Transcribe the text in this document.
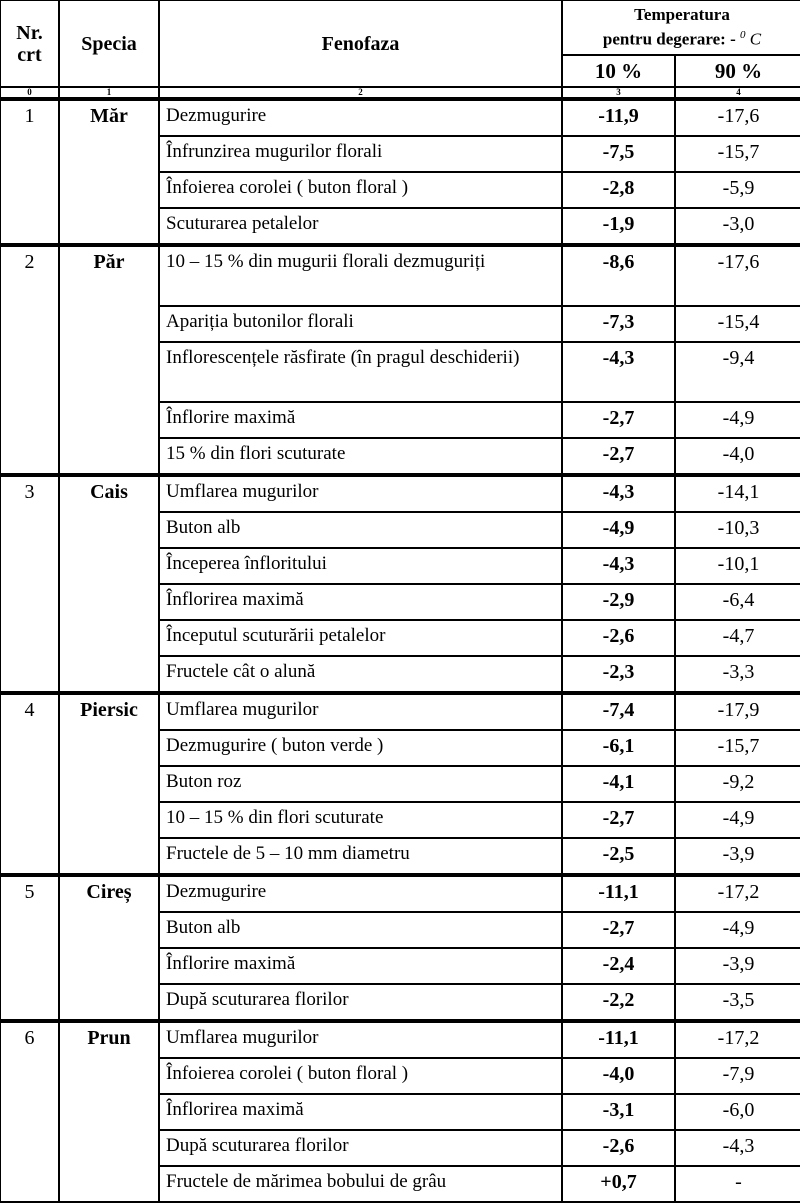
Nr. crt	Specia	Fenofaza	Temperatura
pentru degerare: - $^0$ C	
			10 %	90 %
0	1	2	3	4
1	Măr	Dezmugurire	-11,9	-17,6
		Înfrunzirea mugurilor florali	-7,5	-15,7
		Înfoierea corolei ( buton floral )	-2,8	-5,9
		Scuturarea petalelor	-1,9	-3,0
2	Păr	10 – 15 % din mugurii florali dezmuguriți	-8,6	-17,6
		Apariția butonilor florali	-7,3	-15,4
		Inflorescențele răsfirate (în pragul deschiderii)	-4,3	-9,4
		Înflorire maximă	-2,7	-4,9
		15 % din flori scuturate	-2,7	-4,0
3	Cais	Umflarea mugurilor	-4,3	-14,1
		Buton alb	-4,9	-10,3
		Începerea înfloritului	-4,3	-10,1
		Înflorirea maximă	-2,9	-6,4
		Începutul scuturării petalelor	-2,6	-4,7
		Fructele cât o alună	-2,3	-3,3
4	Piersic	Umflarea mugurilor	-7,4	-17,9
		Dezmugurire ( buton verde )	-6,1	-15,7
		Buton roz	-4,1	-9,2
		10 – 15 % din flori scuturate	-2,7	-4,9
		Fructele de 5 – 10 mm diametru	-2,5	-3,9
5	Cireș	Dezmugurire	-11,1	-17,2
		Buton alb	-2,7	-4,9
		Înflorire maximă	-2,4	-3,9
		După scuturarea florilor	-2,2	-3,5
6	Prun	Umflarea mugurilor	-11,1	-17,2
		Înfoierea corolei ( buton floral )	-4,0	-7,9
		Înflorirea maximă	-3,1	-6,0
		După scuturarea florilor	-2,6	-4,3
		Fructele de mărimea bobului de grâu	+0,7	-
